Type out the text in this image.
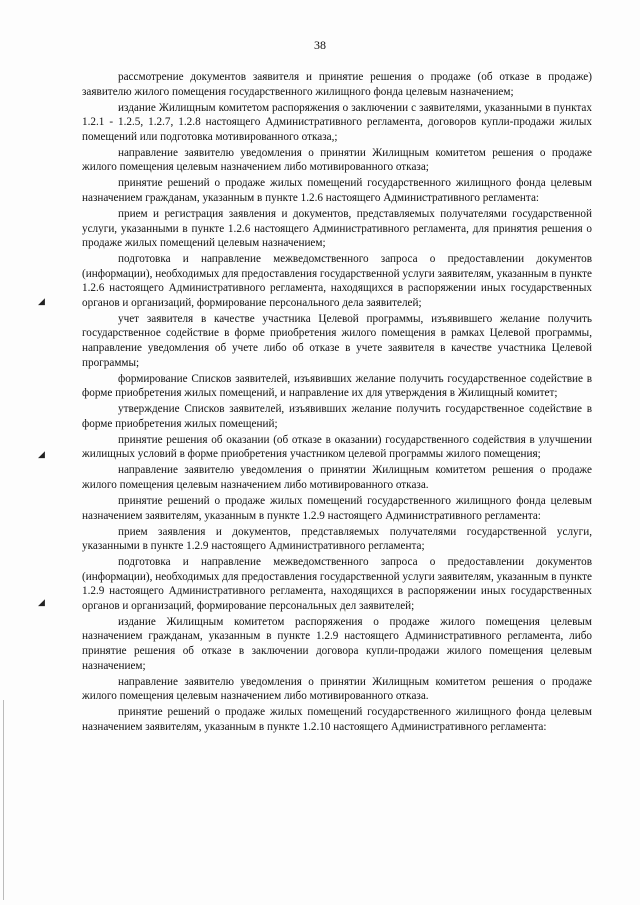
38

рассмотрение документов заявителя и принятие решения о продаже (об отказе в продаже) заявителю жилого помещения государственного жилищного фонда целевым назначением;

издание Жилищным комитетом распоряжения о заключении с заявителями, указанными в пунктах 1.2.1 - 1.2.5, 1.2.7, 1.2.8 настоящего Административного регламента, договоров купли-продажи жилых помещений или подготовка мотивированного отказа,;

направление заявителю уведомления о принятии Жилищным комитетом решения о продаже жилого помещения целевым назначением либо мотивированного отказа;

принятие решений о продаже жилых помещений государственного жилищного фонда целевым назначением гражданам, указанным в пункте 1.2.6 настоящего Административного регламента:

прием и регистрация заявления и документов, представляемых получателями государственной услуги, указанными в пункте 1.2.6 настоящего Административного регламента, для принятия решения о продаже жилых помещений целевым назначением;

подготовка и направление межведомственного запроса о предоставлении документов (информации), необходимых для предоставления государственной услуги заявителям, указанным в пункте 1.2.6 настоящего Административного регламента, находящихся в распоряжении иных государственных органов и организаций, формирование персонального дела заявителей;

учет заявителя в качестве участника Целевой программы, изъявившего желание получить государственное содействие в форме приобретения жилого помещения в рамках Целевой программы, направление уведомления об учете либо об отказе в учете заявителя в качестве участника Целевой программы;

формирование Списков заявителей, изъявивших желание получить государственное содействие в форме приобретения жилых помещений, и направление их для утверждения в Жилищный комитет;

утверждение Списков заявителей, изъявивших желание получить государственное содействие в форме приобретения жилых помещений;

принятие решения об оказании (об отказе в оказании) государственного содействия в улучшении жилищных условий в форме приобретения участником целевой программы жилого помещения;

направление заявителю уведомления о принятии Жилищным комитетом решения о продаже жилого помещения целевым назначением либо мотивированного отказа.

принятие решений о продаже жилых помещений государственного жилищного фонда целевым назначением заявителям, указанным в пункте 1.2.9 настоящего Административного регламента:

прием заявления и документов, представляемых получателями государственной услуги, указанными в пункте 1.2.9 настоящего Административного регламента;

подготовка и направление межведомственного запроса о предоставлении документов (информации), необходимых для предоставления государственной услуги заявителям, указанным в пункте 1.2.9 настоящего Административного регламента, находящихся в распоряжении иных государственных органов и организаций, формирование персональных дел заявителей;

издание Жилищным комитетом распоряжения о продаже жилого помещения целевым назначением гражданам, указанным в пункте 1.2.9 настоящего Административного регламента, либо принятие решения об отказе в заключении договора купли-продажи жилого помещения целевым назначением;

направление заявителю уведомления о принятии Жилищным комитетом решения о продаже жилого помещения целевым назначением либо мотивированного отказа.

принятие решений о продаже жилых помещений государственного жилищного фонда целевым назначением заявителям, указанным в пункте 1.2.10 настоящего Административного регламента:

◢
◢
◢
